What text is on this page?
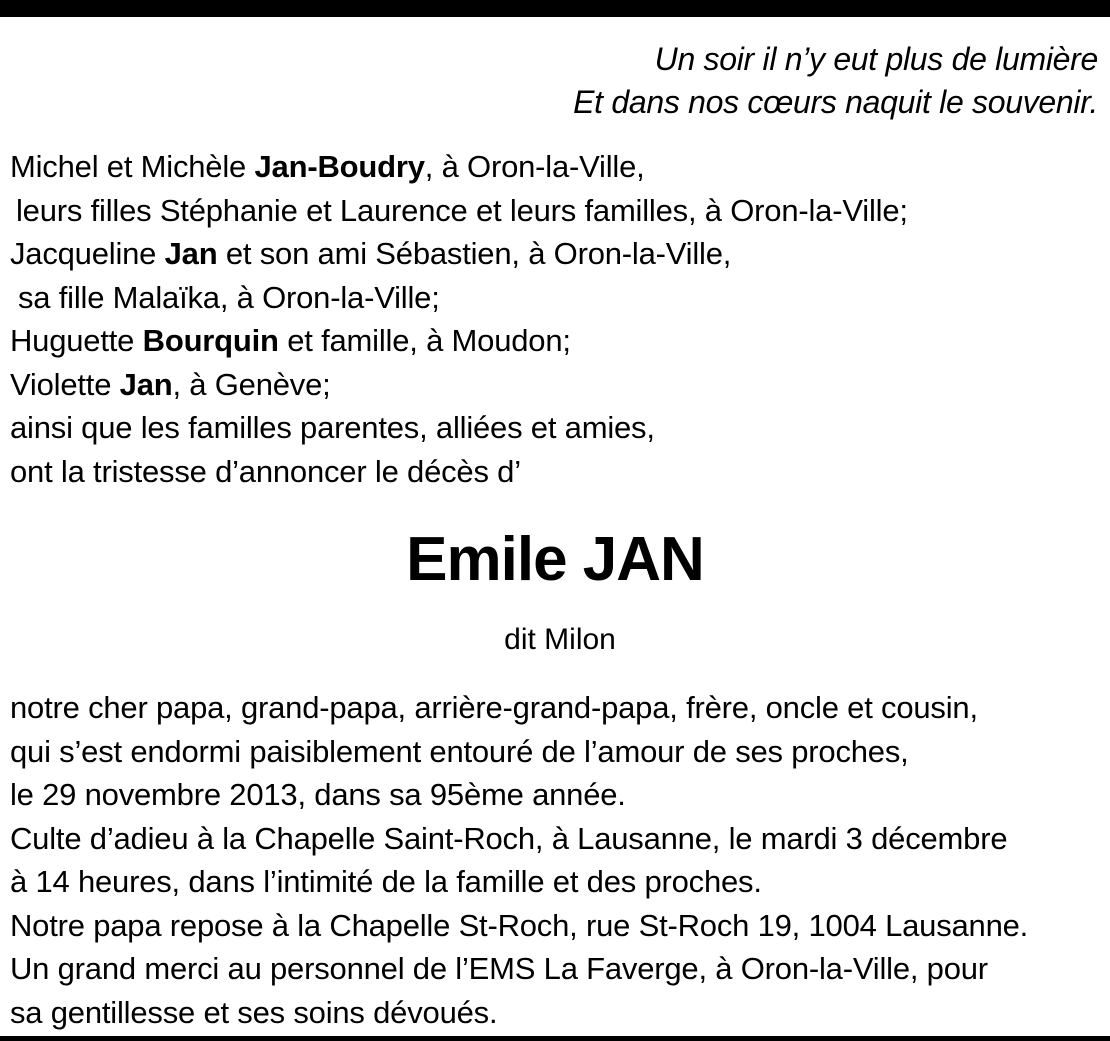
Un soir il n’y eut plus de lumière
Et dans nos cœurs naquit le souvenir.
Michel et Michèle Jan-Boudry, à Oron-la-Ville,
leurs filles Stéphanie et Laurence et leurs familles, à Oron-la-Ville;
Jacqueline Jan et son ami Sébastien, à Oron-la-Ville,
sa fille Malaïka, à Oron-la-Ville;
Huguette Bourquin et famille, à Moudon;
Violette Jan, à Genève;
ainsi que les familles parentes, alliées et amies,
ont la tristesse d’annoncer le décès d’
Emile JAN
dit Milon
notre cher papa, grand-papa, arrière-grand-papa, frère, oncle et cousin,
qui s’est endormi paisiblement entouré de l’amour de ses proches,
le 29 novembre 2013, dans sa 95ème année.
Culte d’adieu à la Chapelle Saint-Roch, à Lausanne, le mardi 3 décembre
à 14 heures, dans l’intimité de la famille et des proches.
Notre papa repose à la Chapelle St-Roch, rue St-Roch 19, 1004 Lausanne.
Un grand merci au personnel de l’EMS La Faverge, à Oron-la-Ville, pour
sa gentillesse et ses soins dévoués.
